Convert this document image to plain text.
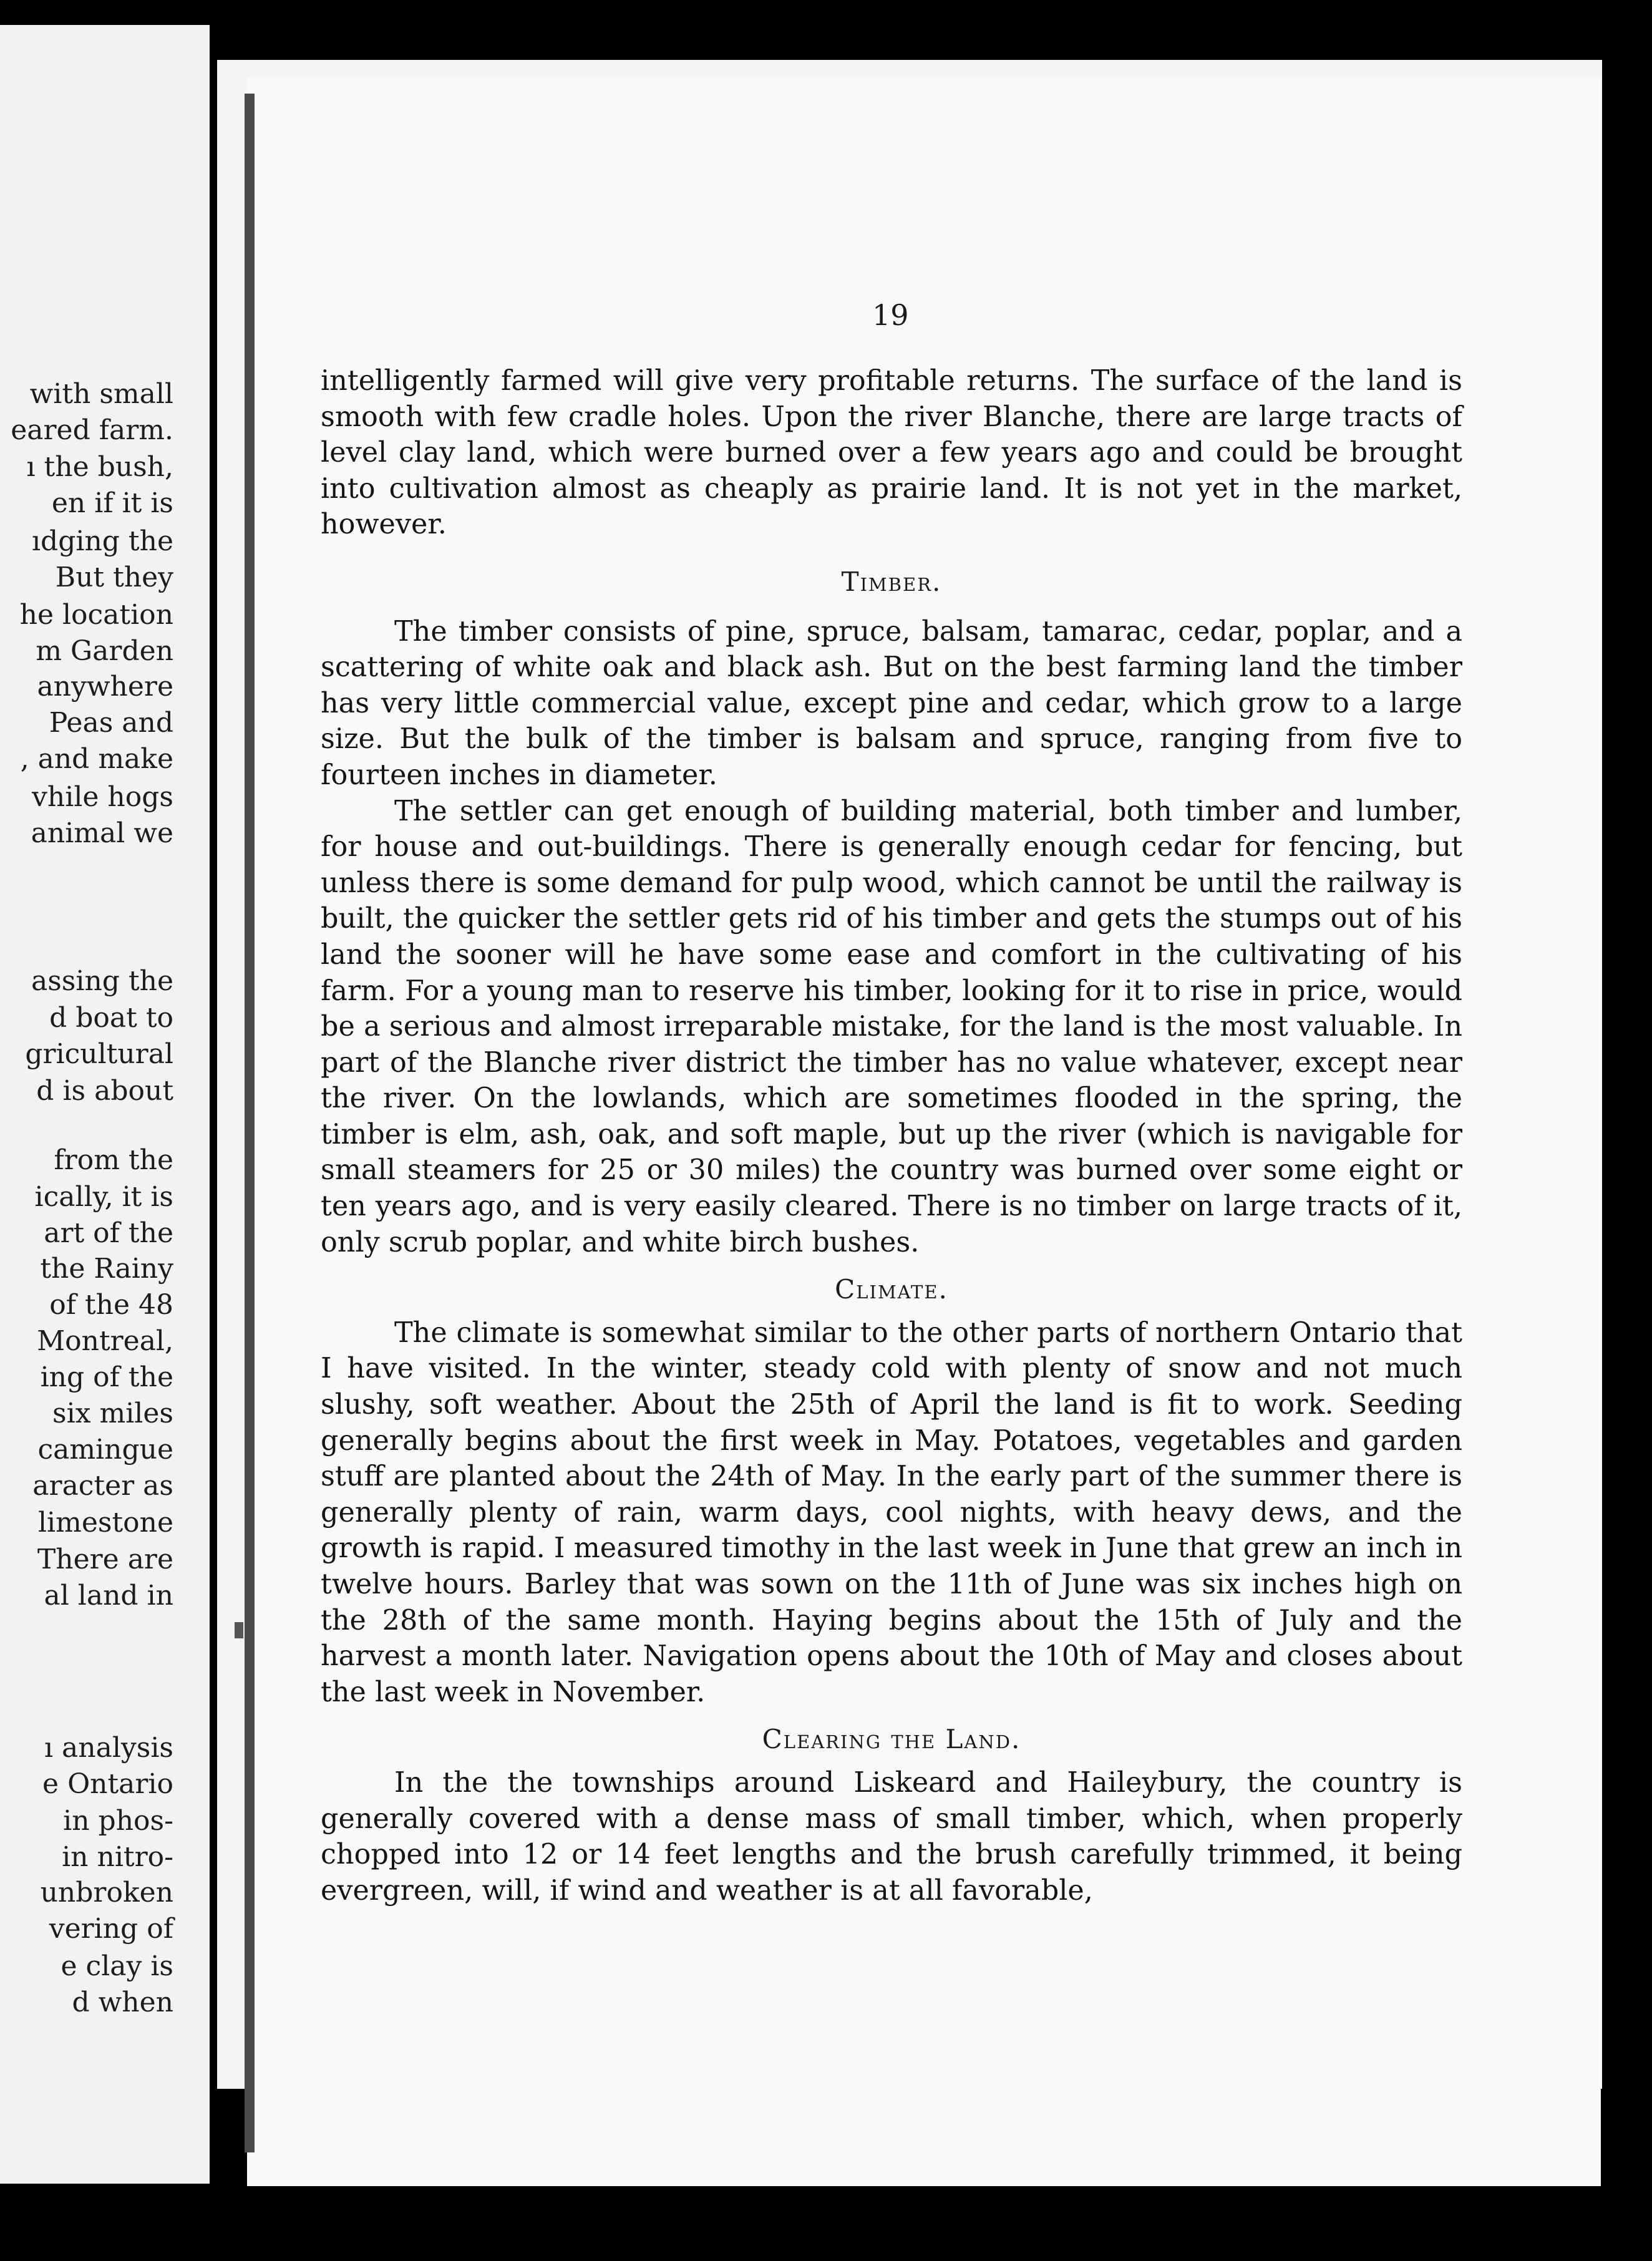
with small
eared farm.
ı the bush,
en if it is
ıdging the
But they
he location
m Garden
anywhere
Peas and
, and make
vhile hogs
animal we
assing the
d boat to
gricultural
d is about
from the
ically, it is
art of the
the Rainy
of the 48
Montreal,
ing of the
six miles
camingue
aracter as
limestone
There are
al land in
ı analysis
e Ontario
in phos-
in nitro-
unbroken
vering of
e clay is
d when
19

intelligently farmed will give very profitable returns. The surface of the land is smooth with few cradle holes. Upon the river Blanche, there are large tracts of level clay land, which were burned over a few years ago and could be brought into cultivation almost as cheaply as prairie land. It is not yet in the market, however.

Timber.

The timber consists of pine, spruce, balsam, tamarac, cedar, poplar, and a scattering of white oak and black ash. But on the best farming land the timber has very little commercial value, except pine and cedar, which grow to a large size. But the bulk of the timber is balsam and spruce, ranging from five to fourteen inches in diameter.

The settler can get enough of building material, both timber and lumber, for house and out-buildings. There is generally enough cedar for fencing, but unless there is some demand for pulp wood, which cannot be until the railway is built, the quicker the settler gets rid of his timber and gets the stumps out of his land the sooner will he have some ease and comfort in the cultivating of his farm. For a young man to reserve his timber, looking for it to rise in price, would be a serious and almost irreparable mistake, for the land is the most valuable. In part of the Blanche river district the timber has no value whatever, except near the river. On the lowlands, which are sometimes flooded in the spring, the timber is elm, ash, oak, and soft maple, but up the river (which is navigable for small steamers for 25 or 30 miles) the country was burned over some eight or ten years ago, and is very easily cleared. There is no timber on large tracts of it, only scrub poplar, and white birch bushes.

Climate.

The climate is somewhat similar to the other parts of northern Ontario that I have visited. In the winter, steady cold with plenty of snow and not much slushy, soft weather. About the 25th of April the land is fit to work. Seeding generally begins about the first week in May. Potatoes, vegetables and garden stuff are planted about the 24th of May. In the early part of the summer there is generally plenty of rain, warm days, cool nights, with heavy dews, and the growth is rapid. I measured timothy in the last week in June that grew an inch in twelve hours. Barley that was sown on the 11th of June was six inches high on the 28th of the same month. Haying begins about the 15th of July and the harvest a month later. Navigation opens about the 10th of May and closes about the last week in November.

Clearing the Land.

In the the townships around Liskeard and Haileybury, the country is generally covered with a dense mass of small timber, which, when properly chopped into 12 or 14 feet lengths and the brush carefully trimmed, it being evergreen, will, if wind and weather is at all favorable,
